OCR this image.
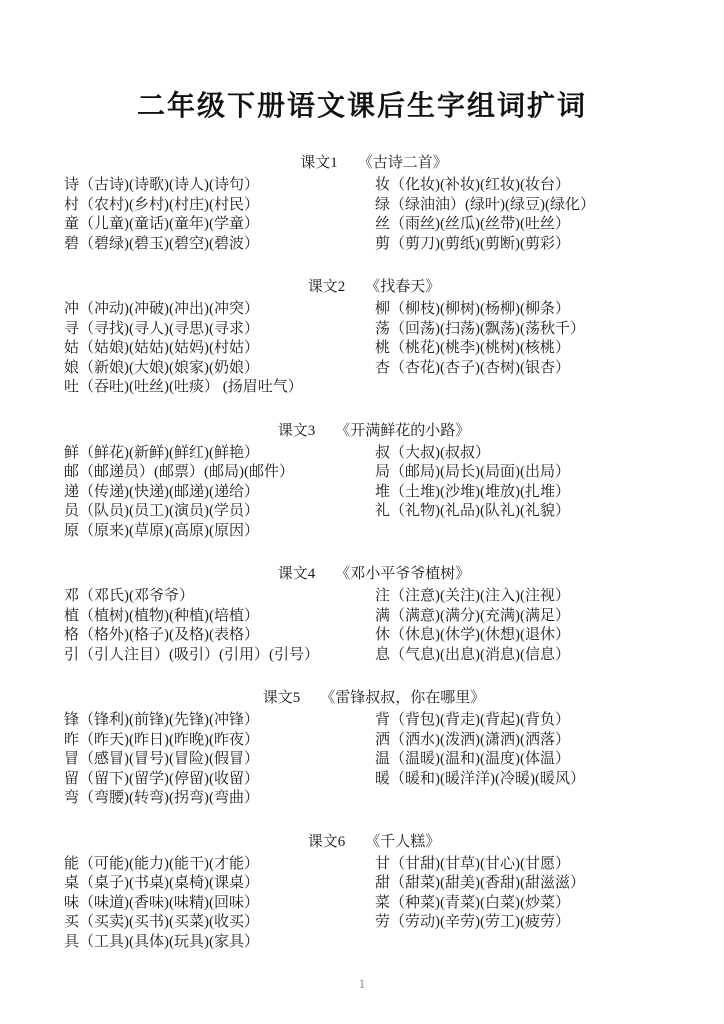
二年级下册语文课后生字组词扩词
课文1 《古诗二首》
诗（古诗)(诗歌)(诗人)(诗句）	妆（化妆)(补妆)(红妆)(妆台）
村（农村)(乡村)(村庄)(村民）	绿（绿油油）(绿叶)(绿豆)(绿化）
童（儿童)(童话)(童年)(学童）	丝（雨丝)(丝瓜)(丝带)(吐丝）
碧（碧绿)(碧玉)(碧空)(碧波）	剪（剪刀)(剪纸)(剪断)(剪彩）
课文2 《找春天》
冲（冲动)(冲破)(冲出)(冲突）	柳（柳枝)(柳树)(杨柳)(柳条）
寻（寻找)(寻人)(寻思)(寻求）	荡（回荡)(扫荡)(飘荡)(荡秋千）
姑（姑娘)(姑姑)(姑妈)(村姑）	桃（桃花)(桃李)(桃树)(核桃）
娘（新娘)(大娘)(娘家)(奶娘）	杏（杏花)(杏子)(杏树)(银杏）
吐（吞吐)(吐丝)(吐痰） (扬眉吐气）
课文3 《开满鲜花的小路》
鲜（鲜花)(新鲜)(鲜红)(鲜艳）	叔（大叔)(叔叔）
邮（邮递员）(邮票）(邮局)(邮件）	局（邮局)(局长)(局面)(出局）
递（传递)(快递)(邮递)(递给）	堆（土堆)(沙堆)(堆放)(扎堆）
员（队员)(员工)(演员)(学员）	礼（礼物)(礼品)(队礼)(礼貌）
原（原来)(草原)(高原)(原因）
课文4 《邓小平爷爷植树》
邓（邓氏)(邓爷爷）	注（注意)(关注)(注入)(注视）
植（植树)(植物)(种植)(培植）	满（满意)(满分)(充满)(满足）
格（格外)(格子)(及格)(表格）	休（休息)(休学)(休想)(退休）
引（引人注目）(吸引）(引用）(引号）	息（气息)(出息)(消息)(信息）
课文5 《雷锋叔叔，你在哪里》
锋（锋利)(前锋)(先锋)(冲锋）	背（背包)(背走)(背起)(背负）
昨（昨天)(昨日)(昨晚)(昨夜）	洒（洒水)(泼洒)(潇洒)(洒落）
冒（感冒)(冒号)(冒险)(假冒）	温（温暖)(温和)(温度)(体温）
留（留下)(留学)(停留)(收留）	暖（暖和)(暖洋洋)(冷暖)(暖风）
弯（弯腰)(转弯)(拐弯)(弯曲）
课文6 《千人糕》
能（可能)(能力)(能干)(才能）	甘（甘甜)(甘草)(甘心)(甘愿）
桌（桌子)(书桌)(桌椅)(课桌）	甜（甜菜)(甜美)(香甜)(甜滋滋）
味（味道)(香味)(味精)(回味）	菜（种菜)(青菜)(白菜)(炒菜）
买（买卖)(买书)(买菜)(收买）	劳（劳动)(辛劳)(劳工)(疲劳）
具（工具)(具体)(玩具)(家具）
1
